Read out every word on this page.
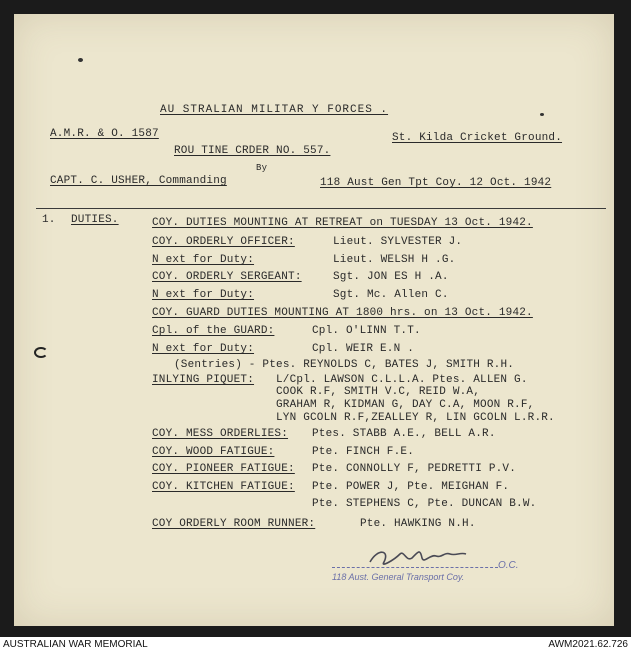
AU STRALIAN MILITAR Y FORCES .
A.M.R. & O. 1587	St. Kilda Cricket Ground.
ROU TINE CRDER NO. 557.
By
CAPT. C. USHER, Commanding	118 Aust Gen Tpt Coy. 12 Oct. 1942
1. DUTIES.	COY. DUTIES MOUNTING AT RETREAT on TUESDAY 13 Oct. 1942.
COY. ORDERLY OFFICER:	Lieut. SYLVESTER J.
N ext for Duty:	Lieut. WELSH H .G.
COY. ORDERLY SERGEANT:	Sgt. JON ES H .A.
N ext for Duty:	Sgt. Mc. Allen C.
COY. GUARD DUTIES MOUNTING AT 1800 hrs. on 13 Oct. 1942.
Cpl. of the GUARD:	Cpl. O'LINN T.T.
N ext for Duty:	Cpl. WEIR E.N .
(Sentries) - Ptes. REYNOLDS C, BATES J, SMITH R.H.
INLYING PIQUET: L/Cpl. LAWSON C.L.L.A. Ptes. ALLEN G.
COOK R.F, SMITH V.C, REID W.A,
GRAHAM R, KIDMAN G, DAY C.A, MOON R.F,
LYN GCOLN R.F,ZEALLEY R, LIN GCOLN L.R.R.
COY. MESS ORDERLIES: Ptes. STABB A.E., BELL A.R.
COY. WOOD FATIGUE:	Pte. FINCH F.E.
COY. PIONEER FATIGUE: Pte. CONNOLLY F, PEDRETTI P.V.
COY. KITCHEN FATIGUE: Pte. POWER J, Pte. MEIGHAN F.
Pte. STEPHENS C, Pte. DUNCAN B.W.
COY ORDERLY ROOM RUNNER:	Pte. HAWKING N.H.
O.C.
118 Aust. General Transport Coy.
AUSTRALIAN WAR MEMORIAL	AWM2021.62.726
